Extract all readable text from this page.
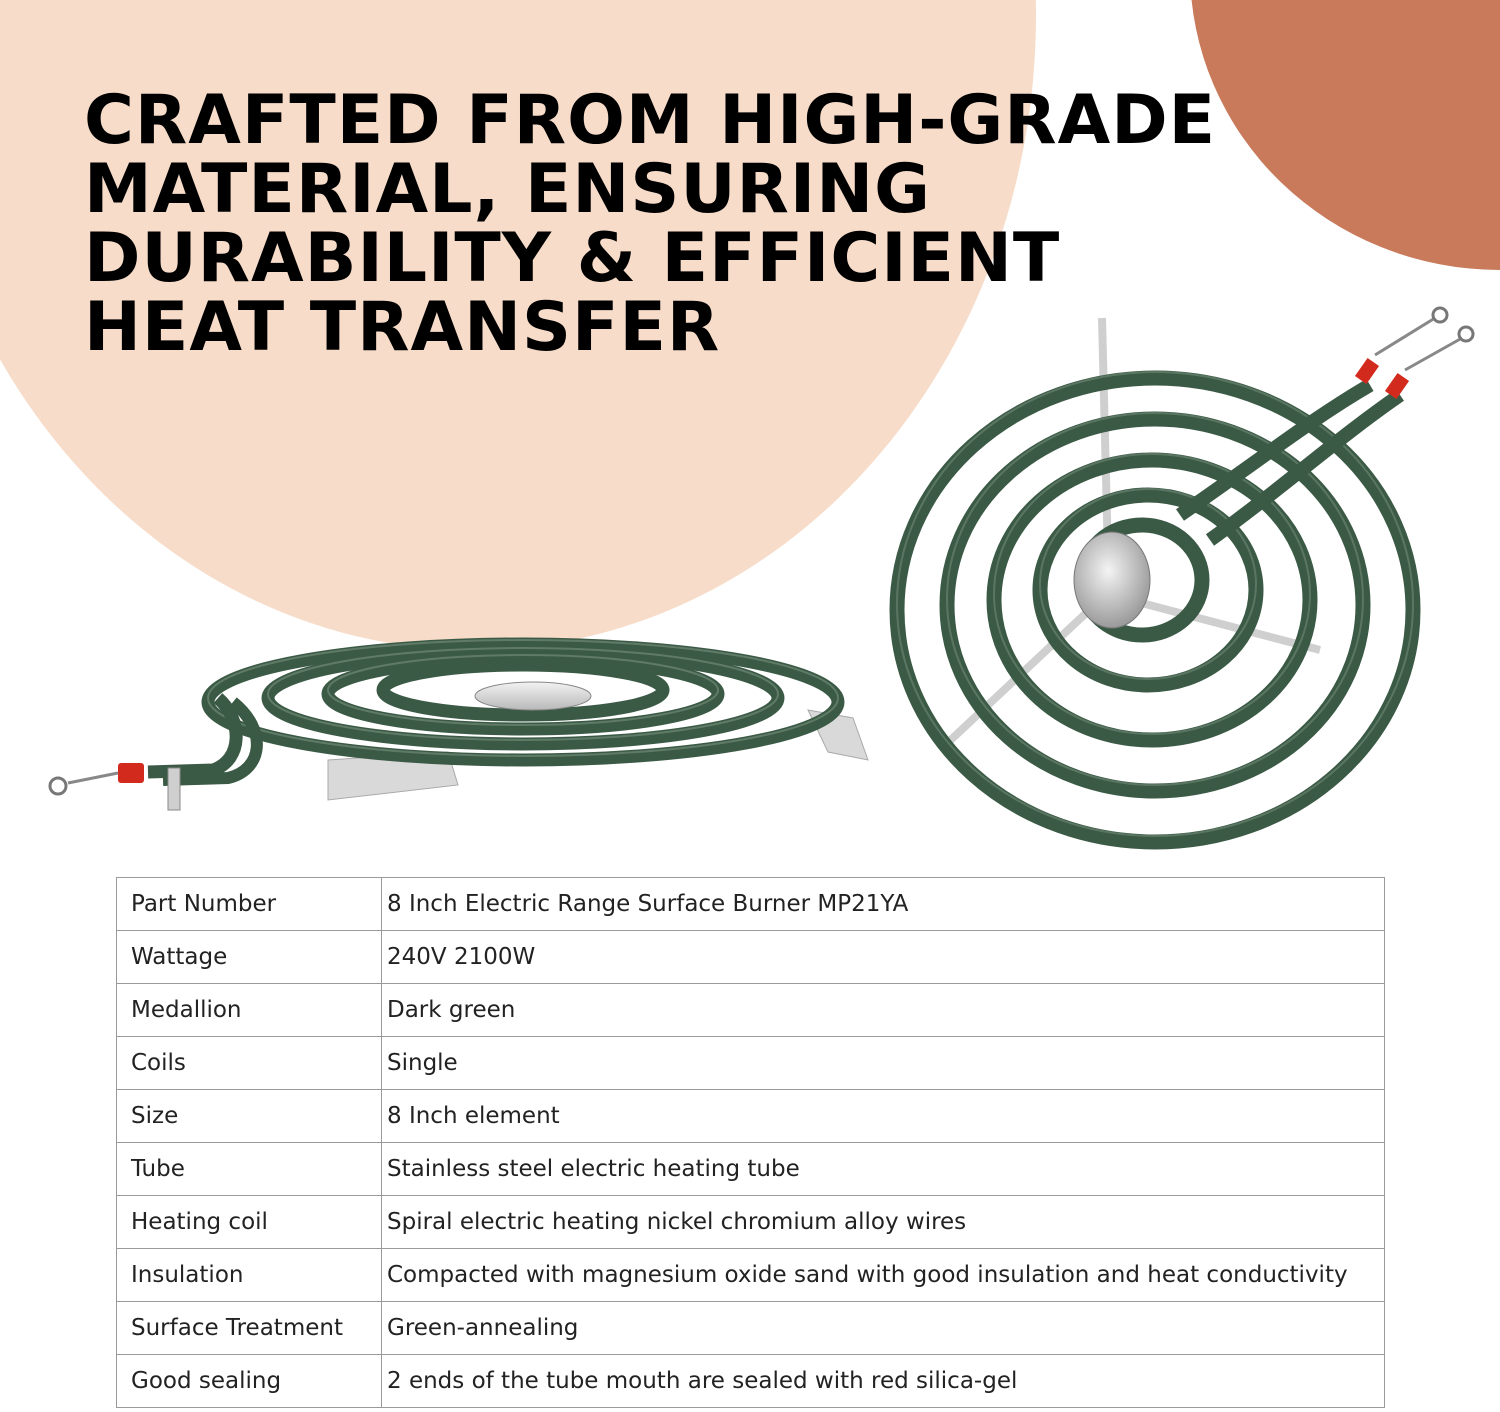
CRAFTED FROM HIGH-GRADE
MATERIAL, ENSURING
DURABILITY & EFFICIENT
HEAT TRANSFER
Part Number	8 Inch Electric Range Surface Burner MP21YA
Wattage	240V 2100W
Medallion	Dark green
Coils	Single
Size	8 Inch element
Tube	Stainless steel electric heating tube
Heating coil	Spiral electric heating nickel chromium alloy wires
Insulation	Compacted with magnesium oxide sand with good insulation and heat conductivity
Surface Treatment	Green-annealing
Good sealing	2 ends of the tube mouth are sealed with red silica-gel
